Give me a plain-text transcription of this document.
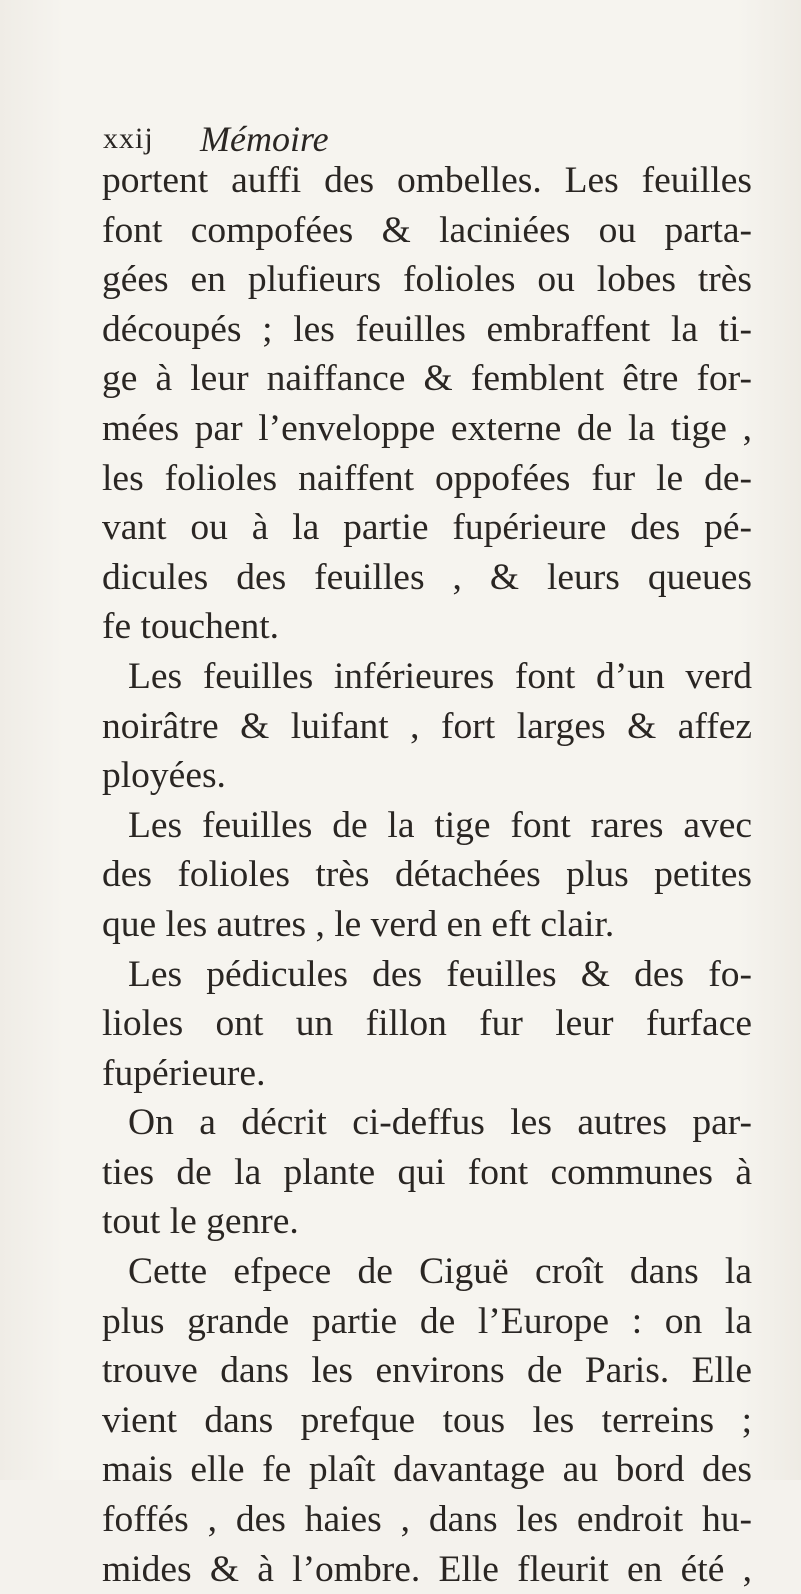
xxij Mémoire
portent auffi des ombelles. Les feuilles
font compofées & laciniées ou parta-
gées en plufieurs folioles ou lobes très
découpés ; les feuilles embraffent la ti-
ge à leur naiffance & femblent être for-
mées par l’enveloppe externe de la tige ,
les folioles naiffent oppofées fur le de-
vant ou à la partie fupérieure des pé-
dicules des feuilles , & leurs queues
fe touchent.
Les feuilles inférieures font d’un verd
noirâtre & luifant , fort larges & affez
ployées.
Les feuilles de la tige font rares avec
des folioles très détachées plus petites
que les autres , le verd en eft clair.
Les pédicules des feuilles & des fo-
lioles ont un fillon fur leur furface
fupérieure.
On a décrit ci-deffus les autres par-
ties de la plante qui font communes à
tout le genre.
Cette efpece de Ciguë croît dans la
plus grande partie de l’Europe : on la
trouve dans les environs de Paris. Elle
vient dans prefque tous les terreins ;
mais elle fe plaît davantage au bord des
foffés , des haies , dans les endroit hu-
mides & à l’ombre. Elle fleurit en été ,
